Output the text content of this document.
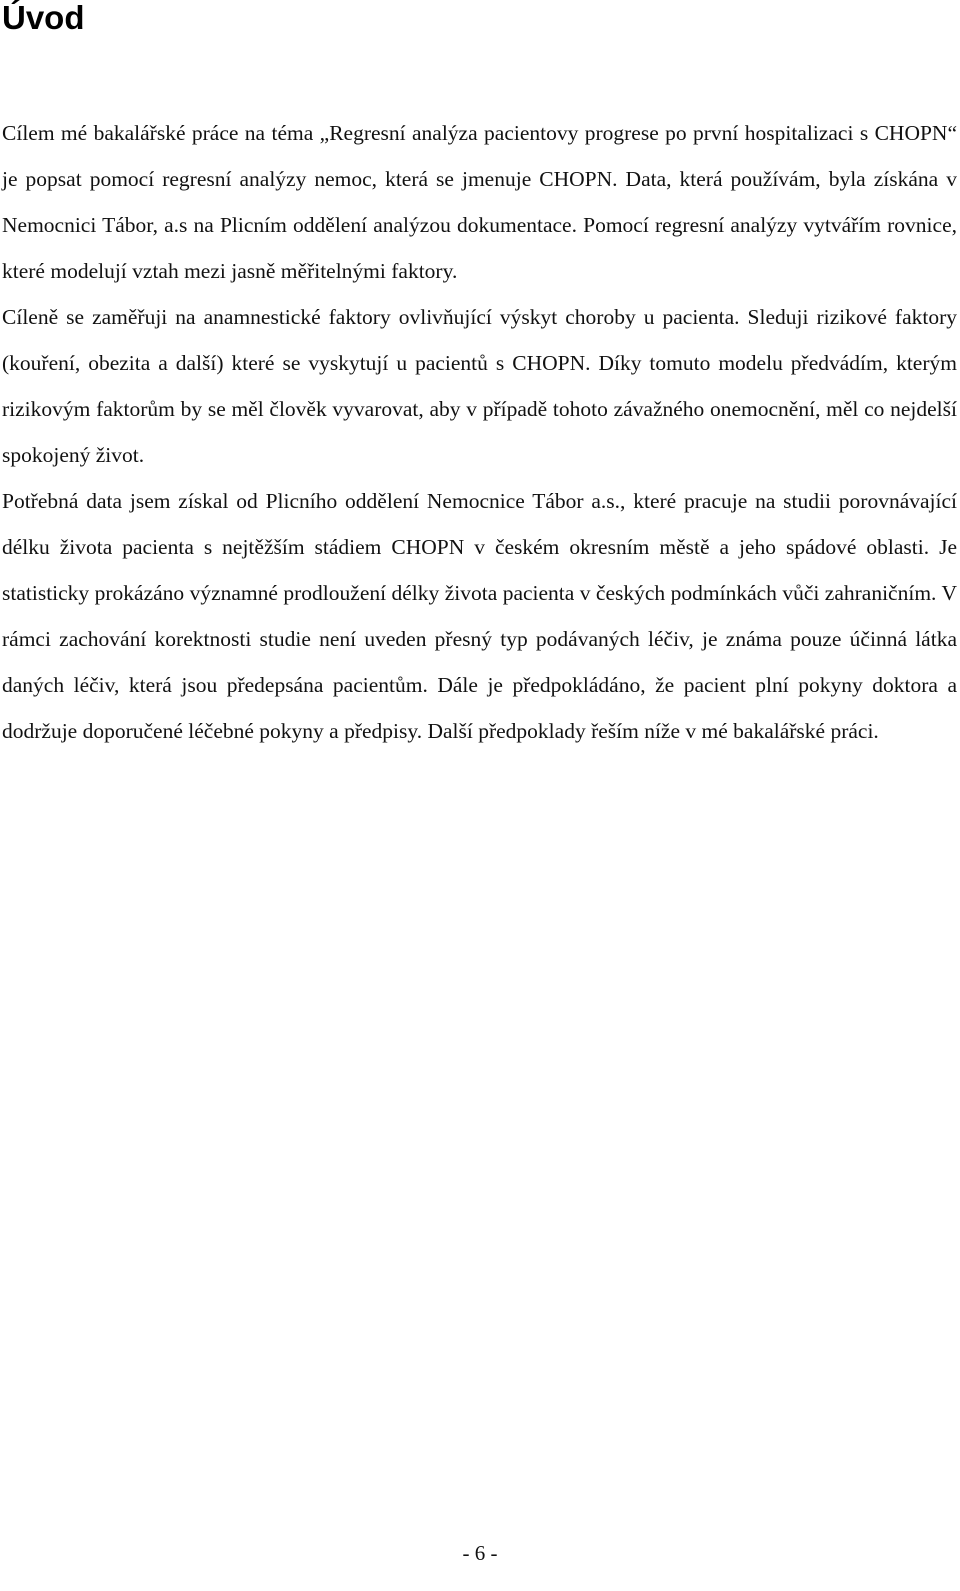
Úvod

Cílem mé bakalářské práce na téma „Regresní analýza pacientovy progrese po první hospitalizaci s CHOPN“ je popsat pomocí regresní analýzy nemoc, která se jmenuje CHOPN. Data, která používám, byla získána v Nemocnici Tábor, a.s na Plicním oddělení analýzou dokumentace. Pomocí regresní analýzy vytvářím rovnice, které modelují vztah mezi jasně měřitelnými faktory.

Cíleně se zaměřuji na anamnestické faktory ovlivňující výskyt choroby u pacienta. Sleduji rizikové faktory (kouření, obezita a další) které se vyskytují u pacientů s CHOPN. Díky tomuto modelu předvádím, kterým rizikovým faktorům by se měl člověk vyvarovat, aby v případě tohoto závažného onemocnění, měl co nejdelší spokojený život.

Potřebná data jsem získal od Plicního oddělení Nemocnice Tábor a.s., které pracuje na studii porovnávající délku života pacienta s nejtěžším stádiem CHOPN v českém okresním městě a jeho spádové oblasti. Je statisticky prokázáno významné prodloužení délky života pacienta v českých podmínkách vůči zahraničním. V rámci zachování korektnosti studie není uveden přesný typ podávaných léčiv, je známa pouze účinná látka daných léčiv, která jsou předepsána pacientům. Dále je předpokládáno, že pacient plní pokyny doktora a dodržuje doporučené léčebné pokyny a předpisy. Další předpoklady řeším níže v mé bakalářské práci.

- 6 -
